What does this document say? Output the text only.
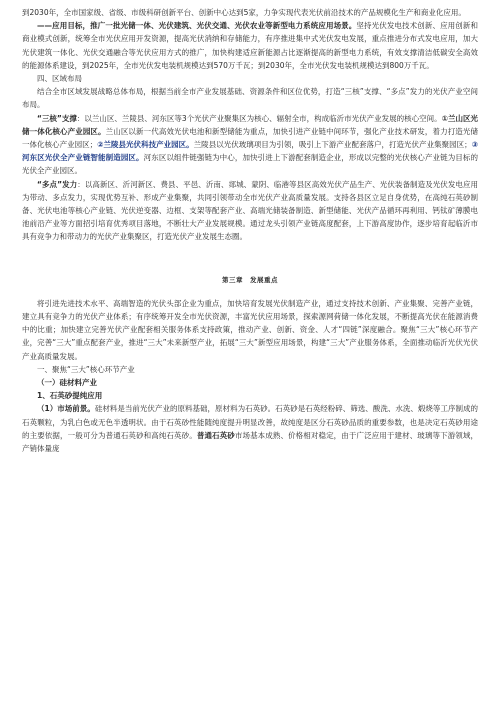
到2030年，全市国家级、省级、市级科研创新平台、创新中心达到5家，力争实现代表光伏前沿技术的产品规模化生产和商业化应用。

——应用目标，推广一批光储一体、光伏建筑、光伏交通、光伏农业等新型电力系统应用场景。坚持光伏发电技术创新、应用创新和商业模式创新，统筹全市光伏应用开发资源，提高光伏消纳和存储能力，有序推进集中式光伏发电发展，重点推进分布式发电应用，加大光伏建筑一体化、光伏交通融合等光伏应用方式的推广，加快构建适应新能源占比逐渐提高的新型电力系统，有效支撑清洁低碳安全高效的能源体系建设，到2025年，全市光伏发电装机规模达到570万千瓦；到2030年，全市光伏发电装机规模达到800万千瓦。

四、区域布局

结合全市区域发展战略总体布局，根据当前全市产业发展基础、资源条件和区位优势，打造“三核”支撑、“多点”发力的光伏产业空间布局。

“三核”支撑：以兰山区、兰陵县、河东区等3个光伏产业聚集区为核心、辐射全市，构成临沂市光伏产业发展的核心空间。①兰山区光储一体化核心产业园区。兰山区以新一代高效光伏电池和新型储能为重点，加快引进产业链中间环节，强化产业技术研发，着力打造光储一体化核心产业园区；②兰陵县光伏科技产业园区。兰陵县以光伏玻璃项目为引领，吸引上下游产业配套落户，打造光伏产业集聚园区；③河东区光伏全产业链智能制造园区。河东区以组件链强链为中心，加快引进上下游配套制造企业，形成以完整的光伏核心产业链为目标的光伏全产业园区。

“多点”发力：以高新区、沂河新区、费县、平邑、沂南、郯城、蒙阴、临港等县区高效光伏产品生产、光伏装备制造及光伏发电应用为带动、多点发力，实现优势互补、形成产业集聚，共同引领带动全市光伏产业高质量发展。支持各县区立足自身优势，在高纯石英砂制备、光伏电池等核心产业链、光伏逆变器、边框、支架等配套产业、高端光储装备制造、新型储能、光伏产品循环再利用、钙钛矿薄膜电池前沿产业等方面招引培育优秀项目落地，不断壮大产业发展规模。通过龙头引领产业链高度配套，上下游高度协作，逐步培育起临沂市具有竞争力和带动力的光伏产业集聚区，打造光伏产业发展生态圈。

第三章　发展重点

将引进先进技术水平、高端智造的光伏头部企业为重点，加快培育发展光伏制造产业，通过支持技术创新、产业集聚、完善产业链，建立具有竞争力的光伏产业体系；有序统筹开发全市光伏资源，丰富光伏应用场景，探索源网荷储一体化发展，不断提高光伏在能源消费中的比重；加快建立完善光伏产业配套相关服务体系支持政策，推动产业、创新、资金、人才“四链”深度融合。聚焦“三大”核心环节产业，完善“三大”重点配套产业，推进“三大”未来新型产业，拓展“三大”新型应用场景，构建“三大”产业服务体系，全面推动临沂光伏光伏产业高质量发展。

一、聚焦“三大”核心环节产业

（一）硅材料产业

1、石英砂提纯应用

（1）市场前景。硅材料是当前光伏产业的原料基础，原材料为石英砂。石英砂是石英经粉碎、筛选、酸洗、水洗、煅烧等工序制成的石英颗粒，为乳白色或无色半透明状。由于石英砂性能随纯度提升明显改善，故纯度是区分石英砂品质的重要参数，也是决定石英砂用途的主要依据，一般可分为普通石英砂和高纯石英砂。普通石英砂市场基本成熟、价格相对稳定，由于广泛应用于建材、玻璃等下游领域，产销体量庞
